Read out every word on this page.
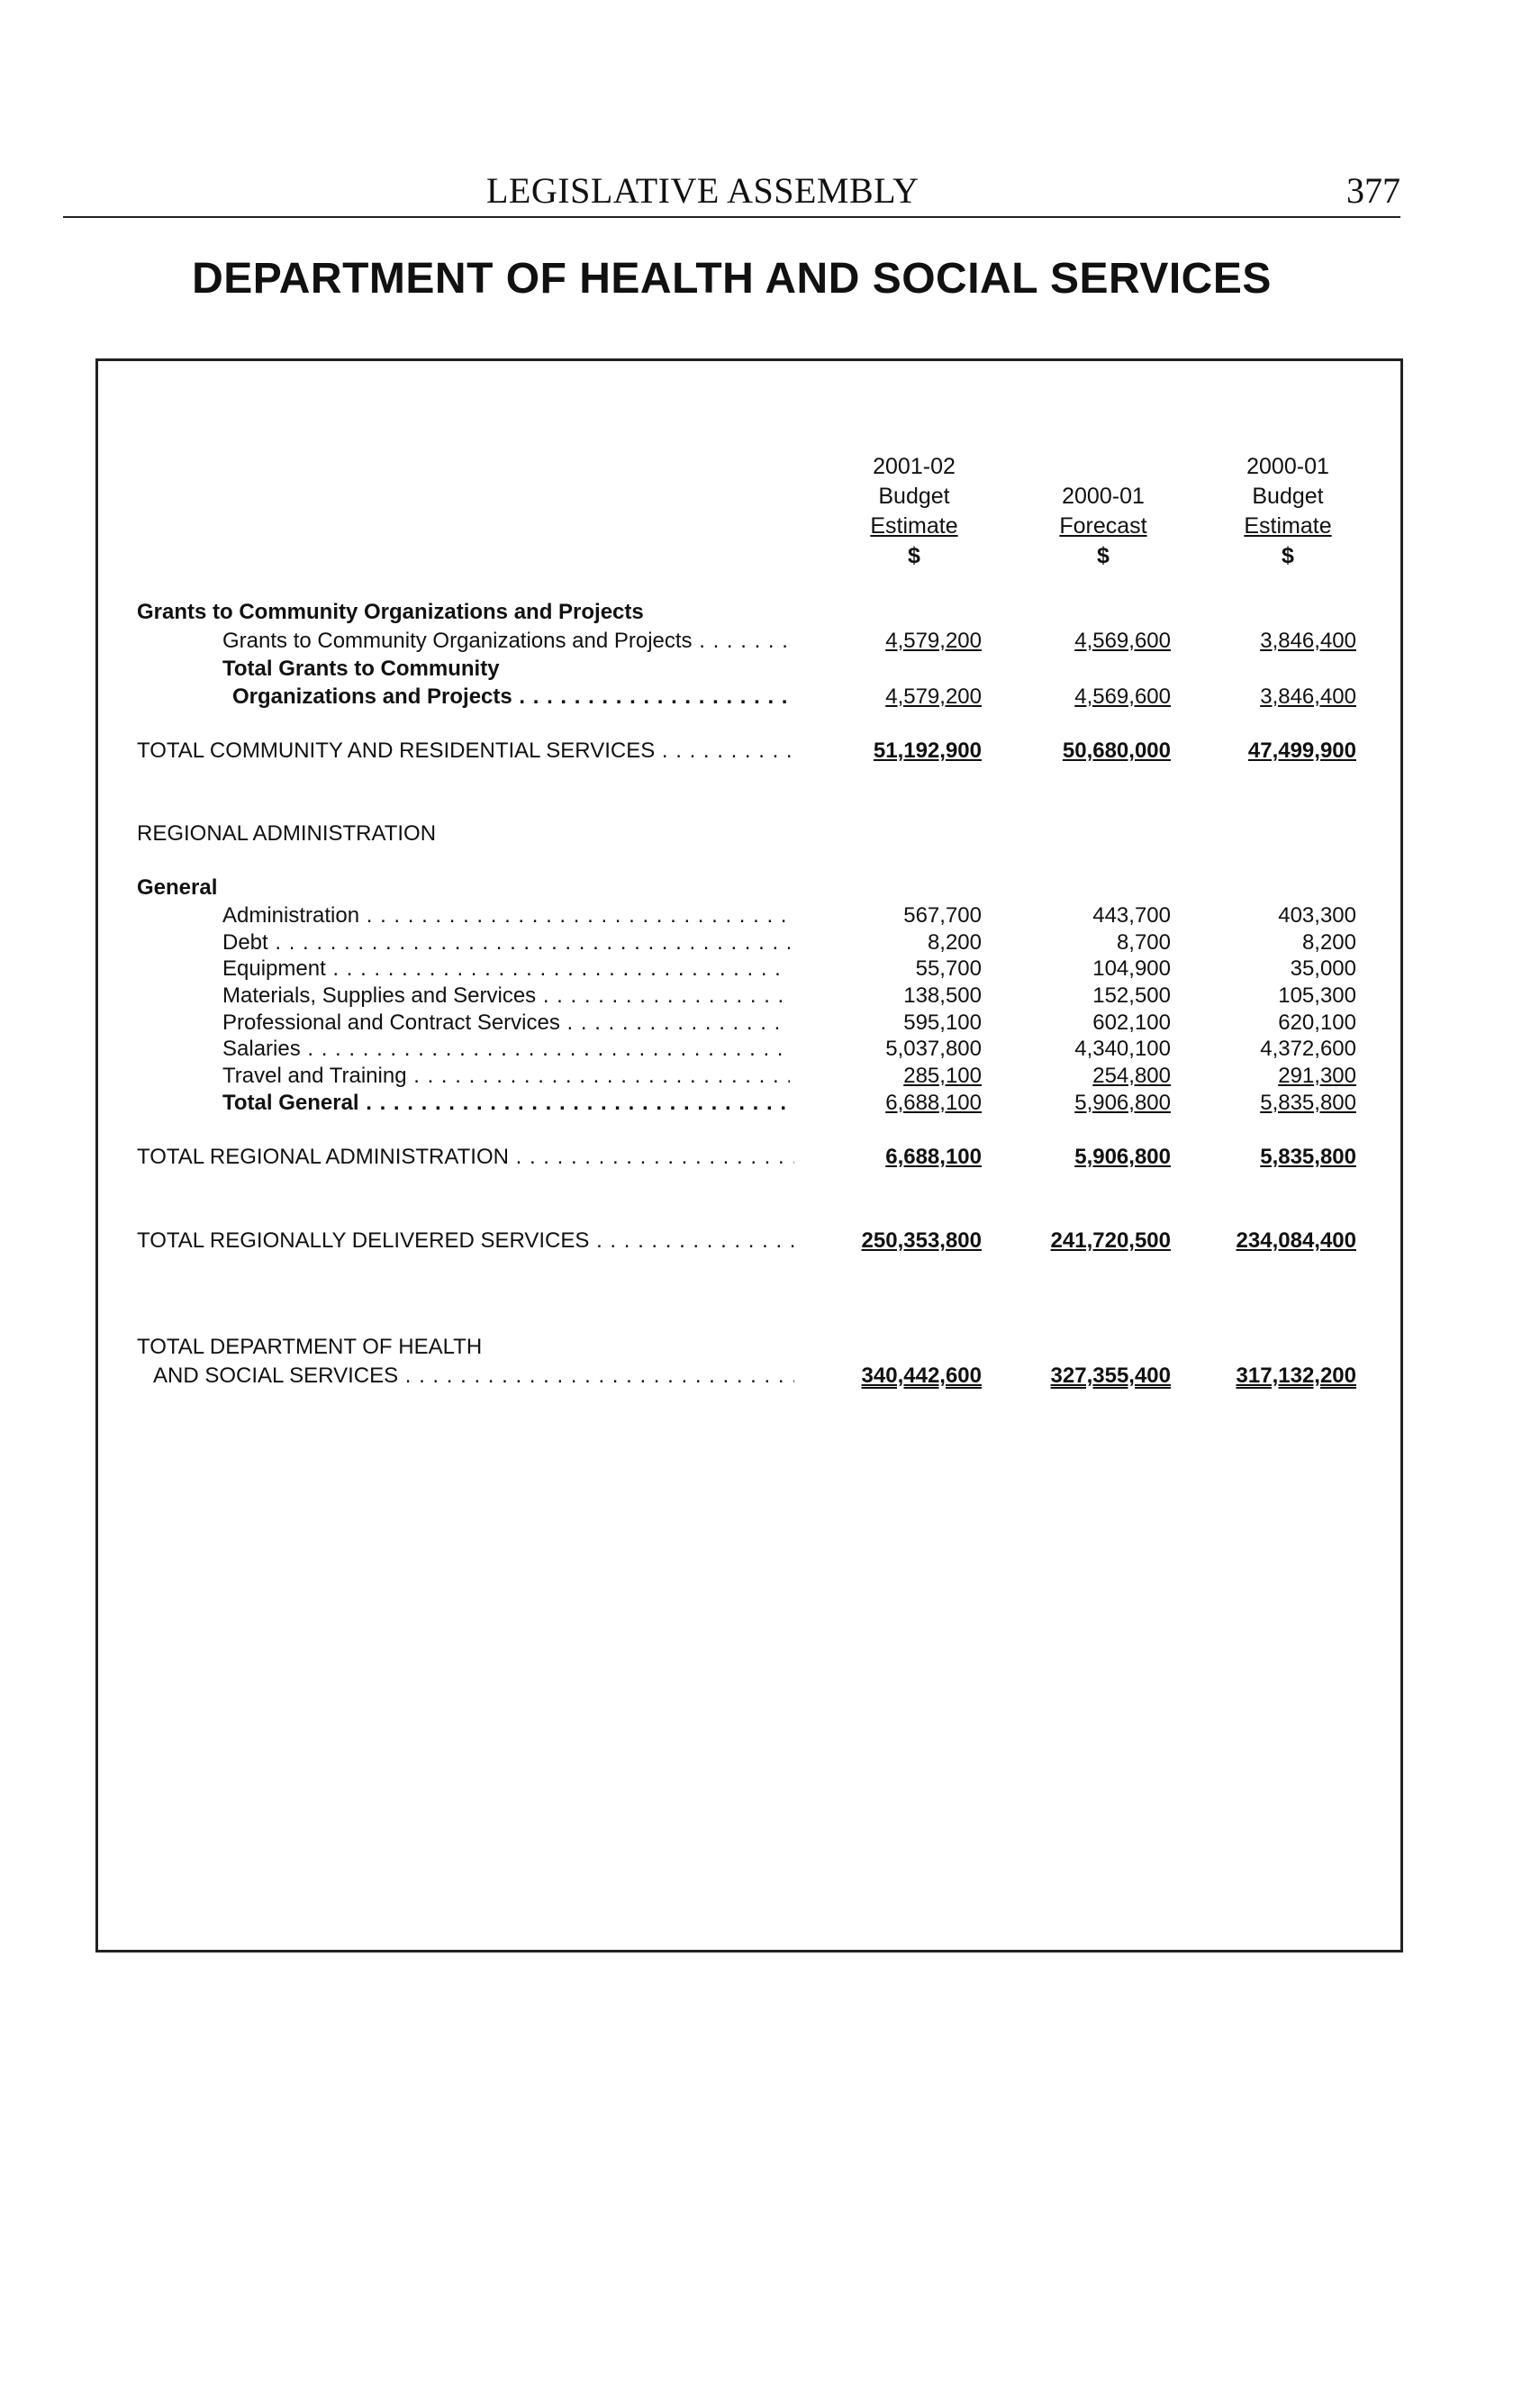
LEGISLATIVE ASSEMBLY	377
DEPARTMENT OF HEALTH AND SOCIAL SERVICES
2001-02
Budget
Estimate
$

2000-01
Forecast
$
2000-01
Budget
Estimate
$
Grants to Community Organizations and Projects
Grants to Community Organizations and Projects . . .	4,579,200	4,569,600	3,846,400
Total Grants to Community
Organizations and Projects . . .	4,579,200	4,569,600	3,846,400
TOTAL COMMUNITY AND RESIDENTIAL SERVICES . . .	51,192,900	50,680,000	47,499,900
REGIONAL ADMINISTRATION
General
Administration . . .	567,700	443,700	403,300
Debt . . .	8,200	8,700	8,200
Equipment . . .	55,700	104,900	35,000
Materials, Supplies and Services . . .	138,500	152,500	105,300
Professional and Contract Services . . .	595,100	602,100	620,100
Salaries . . .	5,037,800	4,340,100	4,372,600
Travel and Training . . .	285,100	254,800	291,300
Total General . . .	6,688,100	5,906,800	5,835,800
TOTAL REGIONAL ADMINISTRATION . . .	6,688,100	5,906,800	5,835,800
TOTAL REGIONALLY DELIVERED SERVICES . . .	250,353,800	241,720,500	234,084,400
TOTAL DEPARTMENT OF HEALTH
AND SOCIAL SERVICES . . .	340,442,600	327,355,400	317,132,200
